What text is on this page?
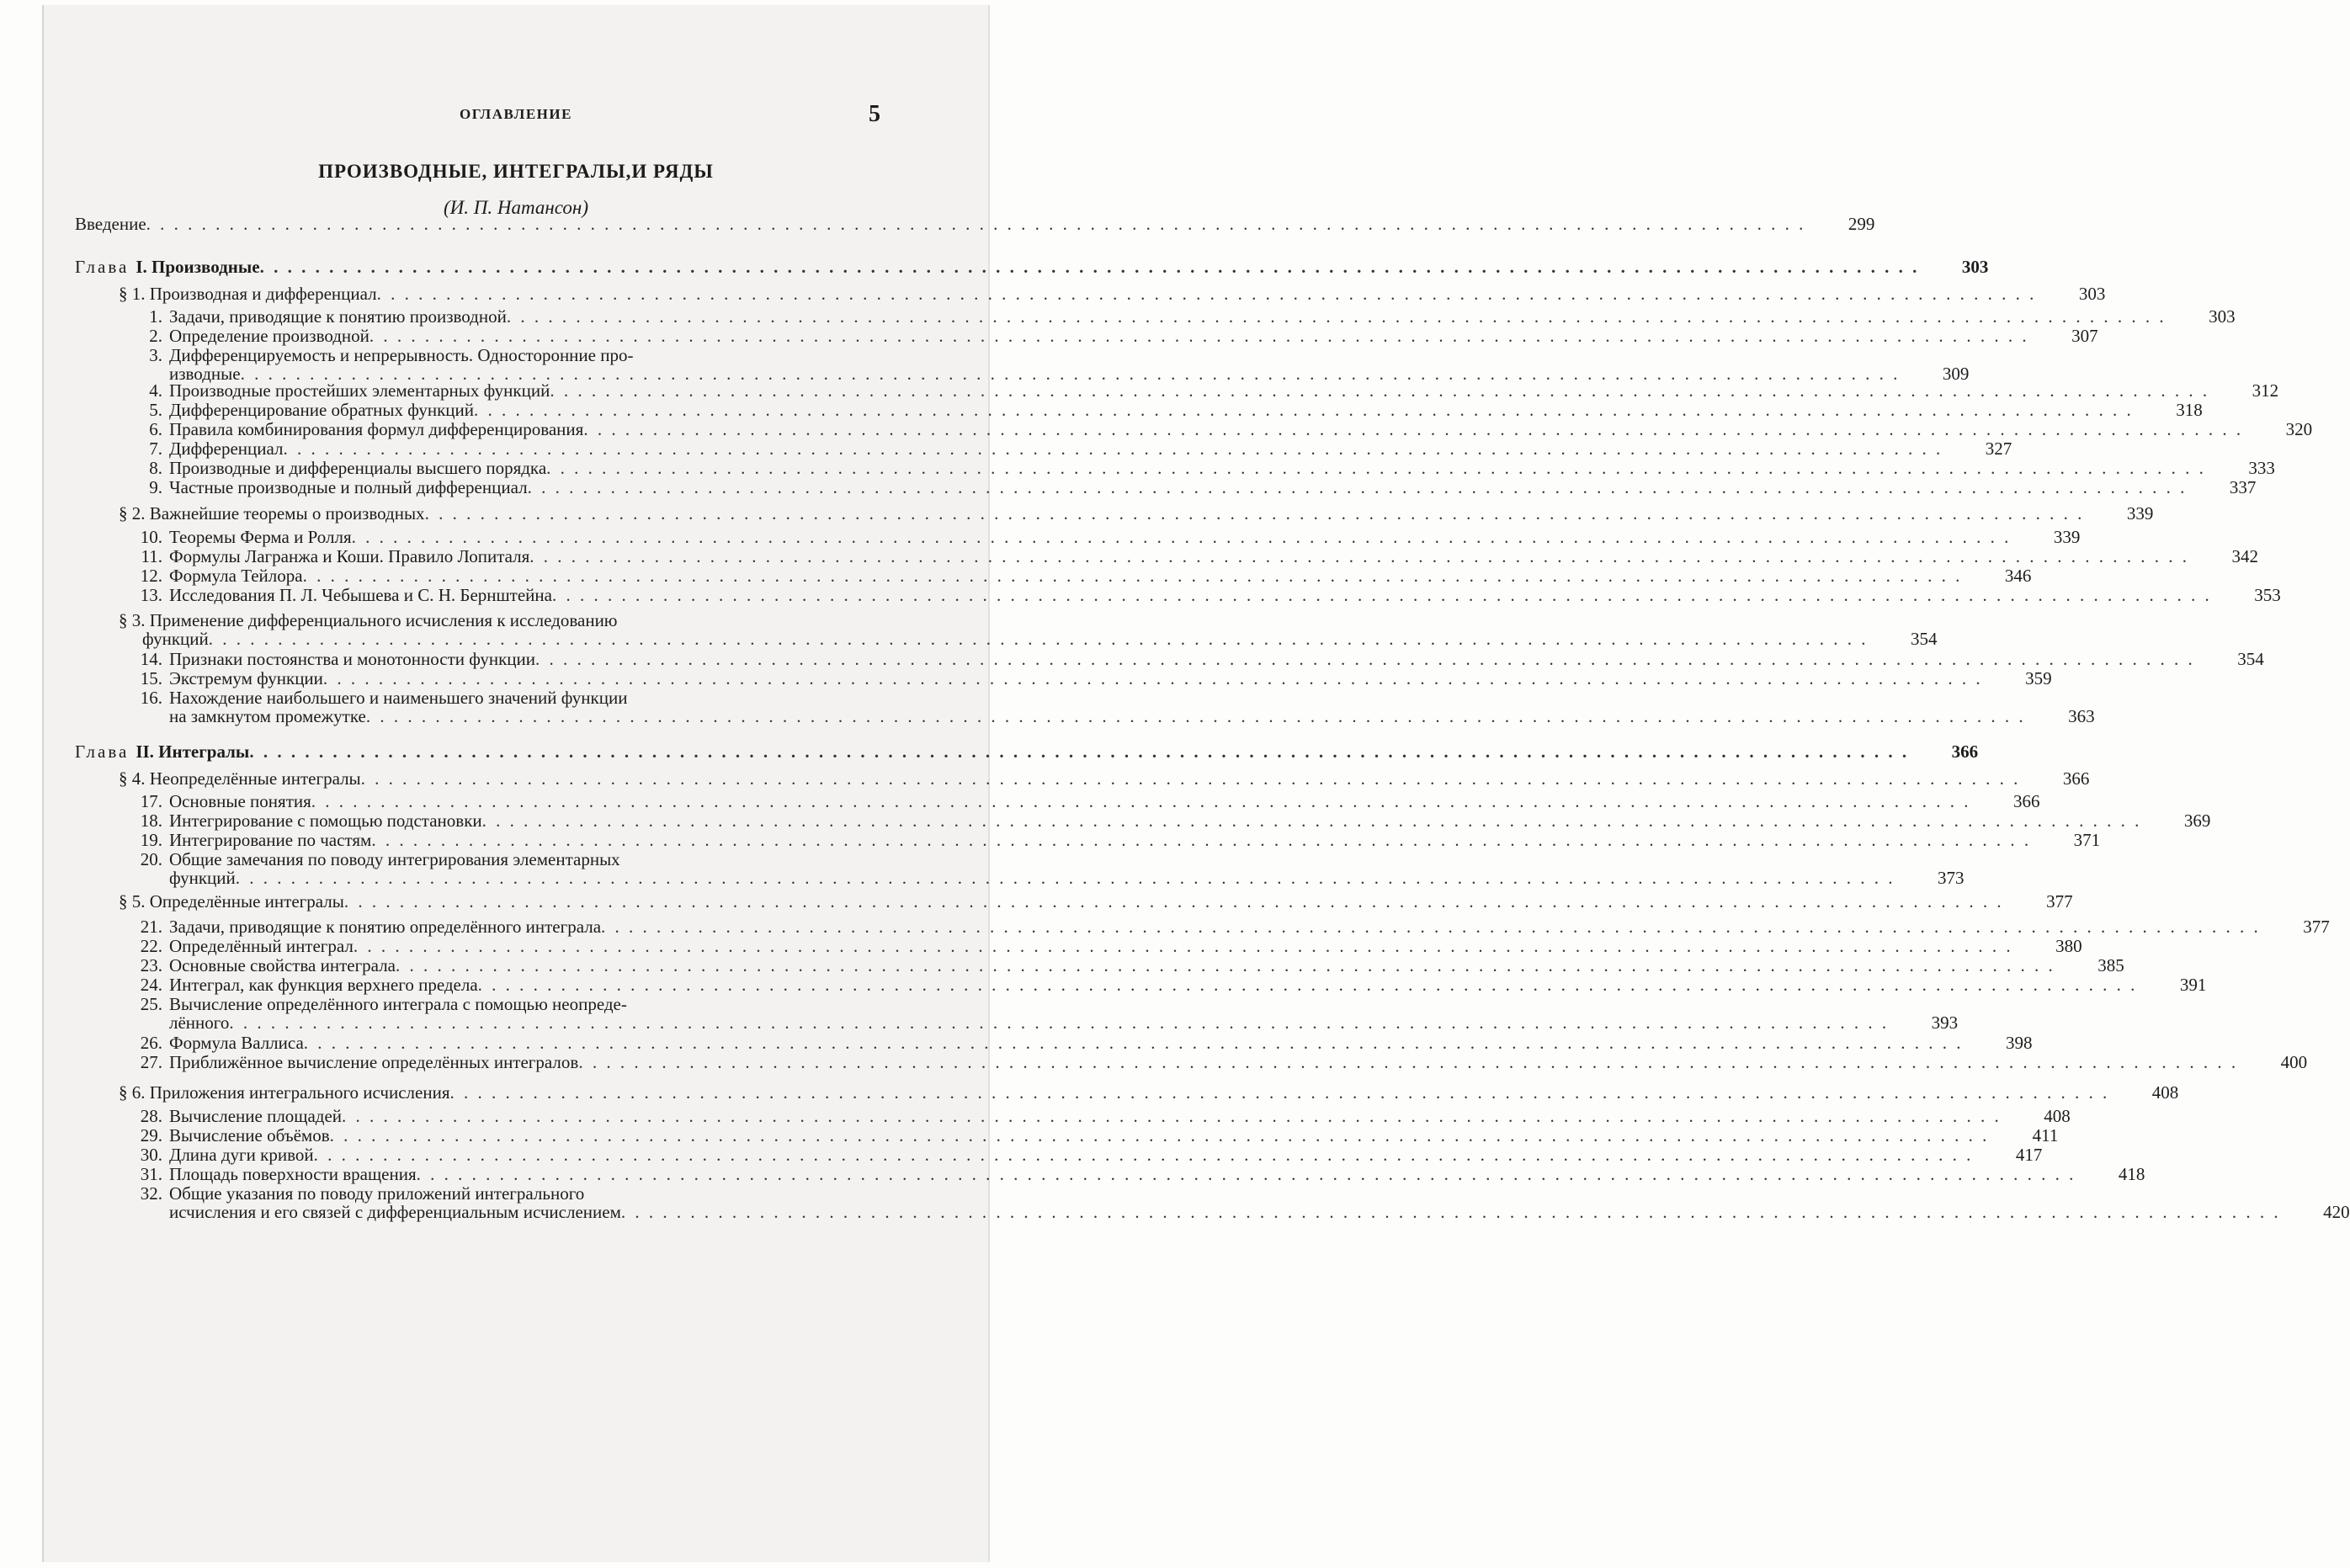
ОГЛАВЛЕНИЕ	5
ПРОИЗВОДНЫЕ, ИНТЕГРАЛЫ,И РЯДЫ
(И. П. Натансон)
Введение . . . . . . . . . . . . . . . . . . . . . . . . . . . . . . . . . . . . . . . . . . . . . . . . . . . . . . . . . . . . . . . . . . . . . . . . . . . . . . . . . . . . . . . . . . . . . . . . . . . . . . . . . . . . . . . . . . . . . . . .	299
Глава I. Производные . . . . . . . . . . . . . . . . . . . . . . . . . . . . . . . . . . . . . . . . . . . . . . . . . . . . . . . . . . . . . . . . . . . . . . . . . . . . . . . . . . . . . . . . . . . . . . . . . . . . . . . . . . . . . . . . . . . . . . . .	303
§ 1. Производная и дифференциал . . . . . . . . . . . . . . . . . . . . . . . . . . . . . . . . . . . . . . . . . . . . . . . . . . . . . . . . . . . . . . . . . . . . . . . . . . . . . . . . . . . . . . . . . . . . . . . . . . . . . . . . . . . . . . . . . . . . . . . .	303
1. Задачи, приводящие к понятию производной . . . . . . . . . . . . . . . . . . . . . . . . . . . . . . . . . . . . . . . . . . . . . . . . . . . . . . . . . . . . . . . . . . . . . . . . . . . . . . . . . . . . . . . . . . . . . . . . . . . . . . . . . . . . . . . . . . . . . . . .	303
2. Определение производной . . . . . . . . . . . . . . . . . . . . . . . . . . . . . . . . . . . . . . . . . . . . . . . . . . . . . . . . . . . . . . . . . . . . . . . . . . . . . . . . . . . . . . . . . . . . . . . . . . . . . . . . . . . . . . . . . . . . . . . .	307
3. Дифференцируемость и непрерывность. Односторонние про-
изводные . . . . . . . . . . . . . . . . . . . . . . . . . . . . . . . . . . . . . . . . . . . . . . . . . . . . . . . . . . . . . . . . . . . . . . . . . . . . . . . . . . . . . . . . . . . . . . . . . . . . . . . . . . . . . . . . . . . . . . . .	309
4. Производные простейших элементарных функций . . . . . . . . . . . . . . . . . . . . . . . . . . . . . . . . . . . . . . . . . . . . . . . . . . . . . . . . . . . . . . . . . . . . . . . . . . . . . . . . . . . . . . . . . . . . . . . . . . . . . . . . . . . . . . . . . . . . . . . .	312
5. Дифференцирование обратных функций . . . . . . . . . . . . . . . . . . . . . . . . . . . . . . . . . . . . . . . . . . . . . . . . . . . . . . . . . . . . . . . . . . . . . . . . . . . . . . . . . . . . . . . . . . . . . . . . . . . . . . . . . . . . . . . . . . . . . . . .	318
6. Правила комбинирования формул дифференцирования . . . . . . . . . . . . . . . . . . . . . . . . . . . . . . . . . . . . . . . . . . . . . . . . . . . . . . . . . . . . . . . . . . . . . . . . . . . . . . . . . . . . . . . . . . . . . . . . . . . . . . . . . . . . . . . . . . . . . . . .	320
7. Дифференциал . . . . . . . . . . . . . . . . . . . . . . . . . . . . . . . . . . . . . . . . . . . . . . . . . . . . . . . . . . . . . . . . . . . . . . . . . . . . . . . . . . . . . . . . . . . . . . . . . . . . . . . . . . . . . . . . . . . . . . . .	327
8. Производные и дифференциалы высшего порядка . . . . . . . . . . . . . . . . . . . . . . . . . . . . . . . . . . . . . . . . . . . . . . . . . . . . . . . . . . . . . . . . . . . . . . . . . . . . . . . . . . . . . . . . . . . . . . . . . . . . . . . . . . . . . . . . . . . . . . . .	333
9. Частные производные и полный дифференциал . . . . . . . . . . . . . . . . . . . . . . . . . . . . . . . . . . . . . . . . . . . . . . . . . . . . . . . . . . . . . . . . . . . . . . . . . . . . . . . . . . . . . . . . . . . . . . . . . . . . . . . . . . . . . . . . . . . . . . . .	337
§ 2. Важнейшие теоремы о производных . . . . . . . . . . . . . . . . . . . . . . . . . . . . . . . . . . . . . . . . . . . . . . . . . . . . . . . . . . . . . . . . . . . . . . . . . . . . . . . . . . . . . . . . . . . . . . . . . . . . . . . . . . . . . . . . . . . . . . . .	339
10. Теоремы Ферма и Ролля . . . . . . . . . . . . . . . . . . . . . . . . . . . . . . . . . . . . . . . . . . . . . . . . . . . . . . . . . . . . . . . . . . . . . . . . . . . . . . . . . . . . . . . . . . . . . . . . . . . . . . . . . . . . . . . . . . . . . . . .	339
11. Формулы Лагранжа и Коши. Правило Лопиталя . . . . . . . . . . . . . . . . . . . . . . . . . . . . . . . . . . . . . . . . . . . . . . . . . . . . . . . . . . . . . . . . . . . . . . . . . . . . . . . . . . . . . . . . . . . . . . . . . . . . . . . . . . . . . . . . . . . . . . . .	342
12. Формула Тейлора . . . . . . . . . . . . . . . . . . . . . . . . . . . . . . . . . . . . . . . . . . . . . . . . . . . . . . . . . . . . . . . . . . . . . . . . . . . . . . . . . . . . . . . . . . . . . . . . . . . . . . . . . . . . . . . . . . . . . . . .	346
13. Исследования П. Л. Чебышева и С. Н. Бернштейна . . . . . . . . . . . . . . . . . . . . . . . . . . . . . . . . . . . . . . . . . . . . . . . . . . . . . . . . . . . . . . . . . . . . . . . . . . . . . . . . . . . . . . . . . . . . . . . . . . . . . . . . . . . . . . . . . . . . . . . .	353
§ 3. Применение дифференциального исчисления к исследованию
функций . . . . . . . . . . . . . . . . . . . . . . . . . . . . . . . . . . . . . . . . . . . . . . . . . . . . . . . . . . . . . . . . . . . . . . . . . . . . . . . . . . . . . . . . . . . . . . . . . . . . . . . . . . . . . . . . . . . . . . . .	354
14. Признаки постоянства и монотонности функции . . . . . . . . . . . . . . . . . . . . . . . . . . . . . . . . . . . . . . . . . . . . . . . . . . . . . . . . . . . . . . . . . . . . . . . . . . . . . . . . . . . . . . . . . . . . . . . . . . . . . . . . . . . . . . . . . . . . . . . .	354
15. Экстремум функции . . . . . . . . . . . . . . . . . . . . . . . . . . . . . . . . . . . . . . . . . . . . . . . . . . . . . . . . . . . . . . . . . . . . . . . . . . . . . . . . . . . . . . . . . . . . . . . . . . . . . . . . . . . . . . . . . . . . . . . .	359
16. Нахождение наибольшего и наименьшего значений функции
на замкнутом промежутке . . . . . . . . . . . . . . . . . . . . . . . . . . . . . . . . . . . . . . . . . . . . . . . . . . . . . . . . . . . . . . . . . . . . . . . . . . . . . . . . . . . . . . . . . . . . . . . . . . . . . . . . . . . . . . . . . . . . . . . .	363
Глава II. Интегралы . . . . . . . . . . . . . . . . . . . . . . . . . . . . . . . . . . . . . . . . . . . . . . . . . . . . . . . . . . . . . . . . . . . . . . . . . . . . . . . . . . . . . . . . . . . . . . . . . . . . . . . . . . . . . . . . . . . . . . . .	366
§ 4. Неопределённые интегралы . . . . . . . . . . . . . . . . . . . . . . . . . . . . . . . . . . . . . . . . . . . . . . . . . . . . . . . . . . . . . . . . . . . . . . . . . . . . . . . . . . . . . . . . . . . . . . . . . . . . . . . . . . . . . . . . . . . . . . . .	366
17. Основные понятия . . . . . . . . . . . . . . . . . . . . . . . . . . . . . . . . . . . . . . . . . . . . . . . . . . . . . . . . . . . . . . . . . . . . . . . . . . . . . . . . . . . . . . . . . . . . . . . . . . . . . . . . . . . . . . . . . . . . . . . .	366
18. Интегрирование с помощью подстановки . . . . . . . . . . . . . . . . . . . . . . . . . . . . . . . . . . . . . . . . . . . . . . . . . . . . . . . . . . . . . . . . . . . . . . . . . . . . . . . . . . . . . . . . . . . . . . . . . . . . . . . . . . . . . . . . . . . . . . . .	369
19. Интегрирование по частям . . . . . . . . . . . . . . . . . . . . . . . . . . . . . . . . . . . . . . . . . . . . . . . . . . . . . . . . . . . . . . . . . . . . . . . . . . . . . . . . . . . . . . . . . . . . . . . . . . . . . . . . . . . . . . . . . . . . . . . .	371
20. Общие замечания по поводу интегрирования элементарных
функций . . . . . . . . . . . . . . . . . . . . . . . . . . . . . . . . . . . . . . . . . . . . . . . . . . . . . . . . . . . . . . . . . . . . . . . . . . . . . . . . . . . . . . . . . . . . . . . . . . . . . . . . . . . . . . . . . . . . . . . .	373
§ 5. Определённые интегралы . . . . . . . . . . . . . . . . . . . . . . . . . . . . . . . . . . . . . . . . . . . . . . . . . . . . . . . . . . . . . . . . . . . . . . . . . . . . . . . . . . . . . . . . . . . . . . . . . . . . . . . . . . . . . . . . . . . . . . . .	377
21. Задачи, приводящие к понятию определённого интеграла . . . . . . . . . . . . . . . . . . . . . . . . . . . . . . . . . . . . . . . . . . . . . . . . . . . . . . . . . . . . . . . . . . . . . . . . . . . . . . . . . . . . . . . . . . . . . . . . . . . . . . . . . . . . . . . . . . . . . . . .	377
22. Определённый интеграл . . . . . . . . . . . . . . . . . . . . . . . . . . . . . . . . . . . . . . . . . . . . . . . . . . . . . . . . . . . . . . . . . . . . . . . . . . . . . . . . . . . . . . . . . . . . . . . . . . . . . . . . . . . . . . . . . . . . . . . .	380
23. Основные свойства интеграла . . . . . . . . . . . . . . . . . . . . . . . . . . . . . . . . . . . . . . . . . . . . . . . . . . . . . . . . . . . . . . . . . . . . . . . . . . . . . . . . . . . . . . . . . . . . . . . . . . . . . . . . . . . . . . . . . . . . . . . .	385
24. Интеграл, как функция верхнего предела . . . . . . . . . . . . . . . . . . . . . . . . . . . . . . . . . . . . . . . . . . . . . . . . . . . . . . . . . . . . . . . . . . . . . . . . . . . . . . . . . . . . . . . . . . . . . . . . . . . . . . . . . . . . . . . . . . . . . . . .	391
25. Вычисление определённого интеграла с помощью неопреде-
лённого . . . . . . . . . . . . . . . . . . . . . . . . . . . . . . . . . . . . . . . . . . . . . . . . . . . . . . . . . . . . . . . . . . . . . . . . . . . . . . . . . . . . . . . . . . . . . . . . . . . . . . . . . . . . . . . . . . . . . . . .	393
26. Формула Валлиса . . . . . . . . . . . . . . . . . . . . . . . . . . . . . . . . . . . . . . . . . . . . . . . . . . . . . . . . . . . . . . . . . . . . . . . . . . . . . . . . . . . . . . . . . . . . . . . . . . . . . . . . . . . . . . . . . . . . . . . .	398
27. Приближённое вычисление определённых интегралов . . . . . . . . . . . . . . . . . . . . . . . . . . . . . . . . . . . . . . . . . . . . . . . . . . . . . . . . . . . . . . . . . . . . . . . . . . . . . . . . . . . . . . . . . . . . . . . . . . . . . . . . . . . . . . . . . . . . . . . .	400
§ 6. Приложения интегрального исчисления . . . . . . . . . . . . . . . . . . . . . . . . . . . . . . . . . . . . . . . . . . . . . . . . . . . . . . . . . . . . . . . . . . . . . . . . . . . . . . . . . . . . . . . . . . . . . . . . . . . . . . . . . . . . . . . . . . . . . . . .	408
28. Вычисление площадей . . . . . . . . . . . . . . . . . . . . . . . . . . . . . . . . . . . . . . . . . . . . . . . . . . . . . . . . . . . . . . . . . . . . . . . . . . . . . . . . . . . . . . . . . . . . . . . . . . . . . . . . . . . . . . . . . . . . . . . .	408
29. Вычисление объёмов . . . . . . . . . . . . . . . . . . . . . . . . . . . . . . . . . . . . . . . . . . . . . . . . . . . . . . . . . . . . . . . . . . . . . . . . . . . . . . . . . . . . . . . . . . . . . . . . . . . . . . . . . . . . . . . . . . . . . . . .	411
30. Длина дуги кривой . . . . . . . . . . . . . . . . . . . . . . . . . . . . . . . . . . . . . . . . . . . . . . . . . . . . . . . . . . . . . . . . . . . . . . . . . . . . . . . . . . . . . . . . . . . . . . . . . . . . . . . . . . . . . . . . . . . . . . . .	417
31. Площадь поверхности вращения . . . . . . . . . . . . . . . . . . . . . . . . . . . . . . . . . . . . . . . . . . . . . . . . . . . . . . . . . . . . . . . . . . . . . . . . . . . . . . . . . . . . . . . . . . . . . . . . . . . . . . . . . . . . . . . . . . . . . . . .	418
32. Общие указания по поводу приложений интегрального
исчисления и его связей с дифференциальным исчислением . . . . . . . . . . . . . . . . . . . . . . . . . . . . . . . . . . . . . . . . . . . . . . . . . . . . . . . . . . . . . . . . . . . . . . . . . . . . . . . . . . . . . . . . . . . . . . . . . . . . . . . . . . . . . . . . . . . . . . . .	420
